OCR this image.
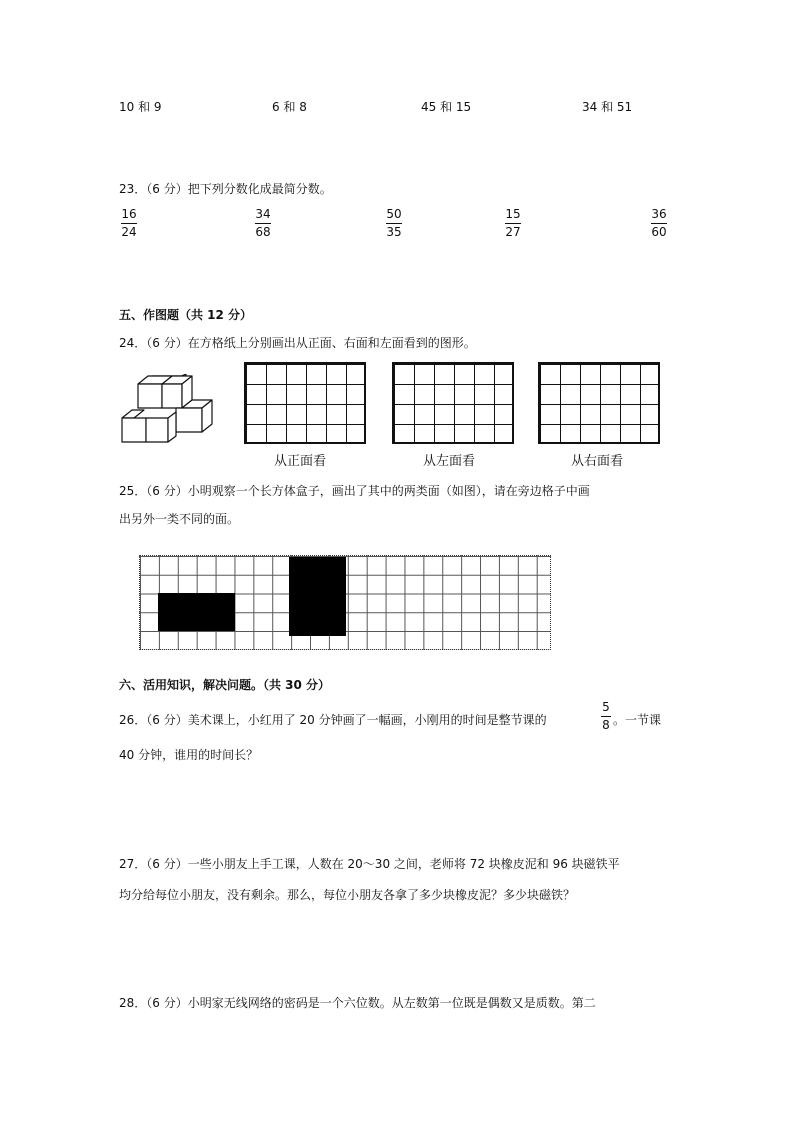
10 和 9	6 和 8	45 和 15	34 和 51
23．（6 分）把下列分数化成最简分数。
16
24
34
68
50
35
15
27
36
60
五、作图题（共 12 分）
24．（6 分）在方格纸上分别画出从正面、右面和左面看到的图形。
从正面看	从左面看	从右面看
25．（6 分）小明观察一个长方体盒子，画出了其中的两类面（如图），请在旁边格子中画
出另外一类不同的面。
六、活用知识，解决问题。（共 30 分）
26．（6 分）美术课上，小红用了 20 分钟画了一幅画，小刚用的时间是整节课的
5
8 。一节课
40 分钟，谁用的时间长？
27．（6 分）一些小朋友上手工课，人数在 20～30 之间，老师将 72 块橡皮泥和 96 块磁铁平
均分给每位小朋友，没有剩余。那么，每位小朋友各拿了多少块橡皮泥？多少块磁铁？
28．（6 分）小明家无线网络的密码是一个六位数。从左数第一位既是偶数又是质数。第二
